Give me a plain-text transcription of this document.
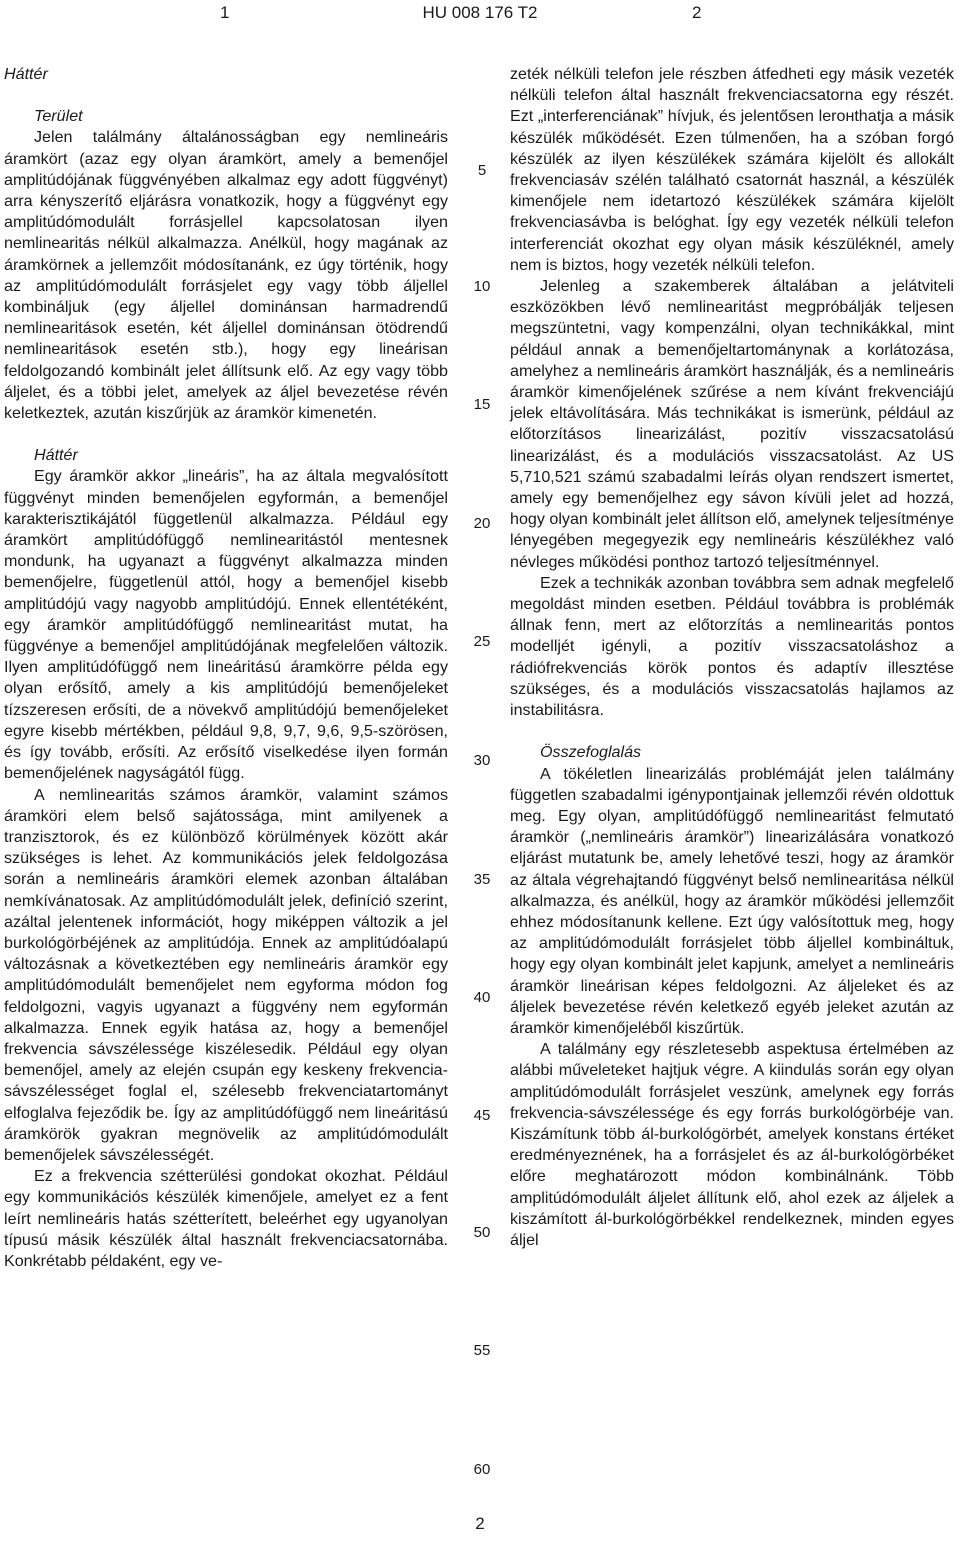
1	HU 008 176 T2	2

Háttér

Terület

Jelen találmány általánosságban egy nemlineáris áramkört (azaz egy olyan áramkört, amely a bemenőjel amplitúdójának függvényében alkalmaz egy adott függvényt) arra kényszerítő eljárásra vonatkozik, hogy a függvényt egy amplitúdómodulált forrásjellel kapcsolatosan ilyen nemlinearitás nélkül alkalmazza. Anélkül, hogy magának az áramkörnek a jellemzőit módosítanánk, ez úgy történik, hogy az amplitúdómodulált forrásjelet egy vagy több áljellel kombináljuk (egy áljellel dominánsan harmadrendű nemlinearitások esetén, két áljellel dominánsan ötödrendű nemlinearitások esetén stb.), hogy egy lineárisan feldolgozandó kombinált jelet állítsunk elő. Az egy vagy több áljelet, és a többi jelet, amelyek az áljel bevezetése révén keletkeztek, azután kiszűrjük az áramkör kimenetén.

Háttér

Egy áramkör akkor „lineáris”, ha az általa megvalósított függvényt minden bemenőjelen egyformán, a bemenőjel karakterisztikájától függetlenül alkalmazza. Például egy áramkört amplitúdófüggő nemlinearitástól mentesnek mondunk, ha ugyanazt a függvényt alkalmazza minden bemenőjelre, függetlenül attól, hogy a bemenőjel kisebb amplitúdójú vagy nagyobb amplitúdójú. Ennek ellentétéként, egy áramkör amplitúdófüggő nemlinearitást mutat, ha függvénye a bemenőjel amplitúdójának megfelelően változik. Ilyen amplitúdófüggő nem lineáritású áramkörre példa egy olyan erősítő, amely a kis amplitúdójú bemenőjeleket tízszeresen erősíti, de a növekvő amplitúdójú bemenőjeleket egyre kisebb mértékben, például 9,8, 9,7, 9,6, 9,5-szörösen, és így tovább, erősíti. Az erősítő viselkedése ilyen formán bemenőjelének nagyságától függ.

A nemlinearitás számos áramkör, valamint számos áramköri elem belső sajátossága, mint amilyenek a tranzisztorok, és ez különböző körülmények között akár szükséges is lehet. Az kommunikációs jelek feldolgozása során a nemlineáris áramköri elemek azonban általában nemkívánatosak. Az amplitúdómodulált jelek, definíció szerint, azáltal jelentenek információt, hogy miképpen változik a jel burkológörbéjének az amplitúdója. Ennek az amplitúdóalapú változásnak a következtében egy nemlineáris áramkör egy amplitúdómodulált bemenőjelet nem egyforma módon fog feldolgozni, vagyis ugyanazt a függvény nem egyformán alkalmazza. Ennek egyik hatása az, hogy a bemenőjel frekvencia sávszélessége kiszélesedik. Például egy olyan bemenőjel, amely az elején csupán egy keskeny frekvencia-sávszélességet foglal el, szélesebb frekvenciatartományt elfoglalva fejeződik be. Így az amplitúdófüggő nem lineáritású áramkörök gyakran megnövelik az amplitúdómodulált bemenőjelek sávszélességét.

Ez a frekvencia szétterülési gondokat okozhat. Például egy kommunikációs készülék kimenőjele, amelyet ez a fent leírt nemlineáris hatás szétterített, beleérhet egy ugyanolyan típusú másik készülék által használt frekvenciacsatornába. Konkrétabb példaként, egy ve-

zeték nélküli telefon jele részben átfedheti egy másik vezeték nélküli telefon által használt frekvenciacsatorna egy részét. Ezt „interferenciának” hívjuk, és jelentősen lerонthatja a másik készülék működését. Ezen túlmenően, ha a szóban forgó készülék az ilyen készülékek számára kijelölt és allokált frekvenciasáv szélén található csatornát használ, a készülék kimenőjele nem idetartozó készülékek számára kijelölt frekvenciasávba is belóghat. Így egy vezeték nélküli telefon interferenciát okozhat egy olyan másik készüléknél, amely nem is biztos, hogy vezeték nélküli telefon.

Jelenleg a szakemberek általában a jelátviteli eszközökben lévő nemlinearitást megpróbálják teljesen megszüntetni, vagy kompenzálni, olyan technikákkal, mint például annak a bemenőjeltartománynak a korlátozása, amelyhez a nemlineáris áramkört használják, és a nemlineáris áramkör kimenőjelének szűrése a nem kívánt frekvenciájú jelek eltávolítására. Más technikákat is ismerünk, például az előtorzításos linearizálást, pozitív visszacsatolású linearizálást, és a modulációs visszacsatolást. Az US 5,710,521 számú szabadalmi leírás olyan rendszert ismertet, amely egy bemenőjelhez egy sávon kívüli jelet ad hozzá, hogy olyan kombinált jelet állítson elő, amelynek teljesítménye lényegében megegyezik egy nemlineáris készülékhez való névleges működési ponthoz tartozó teljesítménnyel.

Ezek a technikák azonban továbbra sem adnak megfelelő megoldást minden esetben. Például továbbra is problémák állnak fenn, mert az előtorzítás a nemlinearitás pontos modelljét igényli, a pozitív visszacsatoláshoz a rádiófrekvenciás körök pontos és adaptív illesztése szükséges, és a modulációs visszacsatolás hajlamos az instabilitásra.

Összefoglalás

A tökéletlen linearizálás problémáját jelen találmány független szabadalmi igénypontjainak jellemzői révén oldottuk meg. Egy olyan, amplitúdófüggő nemlinearitást felmutató áramkör („nemlineáris áramkör”) linearizálására vonatkozó eljárást mutatunk be, amely lehetővé teszi, hogy az áramkör az általa végrehajtandó függvényt belső nemlinearitása nélkül alkalmazza, és anélkül, hogy az áramkör működési jellemzőit ehhez módosítanunk kellene. Ezt úgy valósítottuk meg, hogy az amplitúdómodulált forrásjelet több áljellel kombináltuk, hogy egy olyan kombinált jelet kapjunk, amelyet a nemlineáris áramkör lineárisan képes feldolgozni. Az áljeleket és az áljelek bevezetése révén keletkező egyéb jeleket azután az áramkör kimenőjeléből kiszűrtük.

A találmány egy részletesebb aspektusa értelmében az alábbi műveleteket hajtjuk végre. A kiindulás során egy olyan amplitúdómodulált forrásjelet veszünk, amelynek egy forrás frekvencia-sávszélessége és egy forrás burkológörbéje van. Kiszámítunk több ál-burkológörbét, amelyek konstans értéket eredményeznének, ha a forrásjelet és az ál-burkológörbéket előre meghatározott módon kombinálnánk. Több amplitúdómodulált áljelet állítunk elő, ahol ezek az áljelek a kiszámított ál-burkológörbékkel rendelkeznek, minden egyes áljel

5
10
15
20
25
30
35
40
45
50
55
60
2
